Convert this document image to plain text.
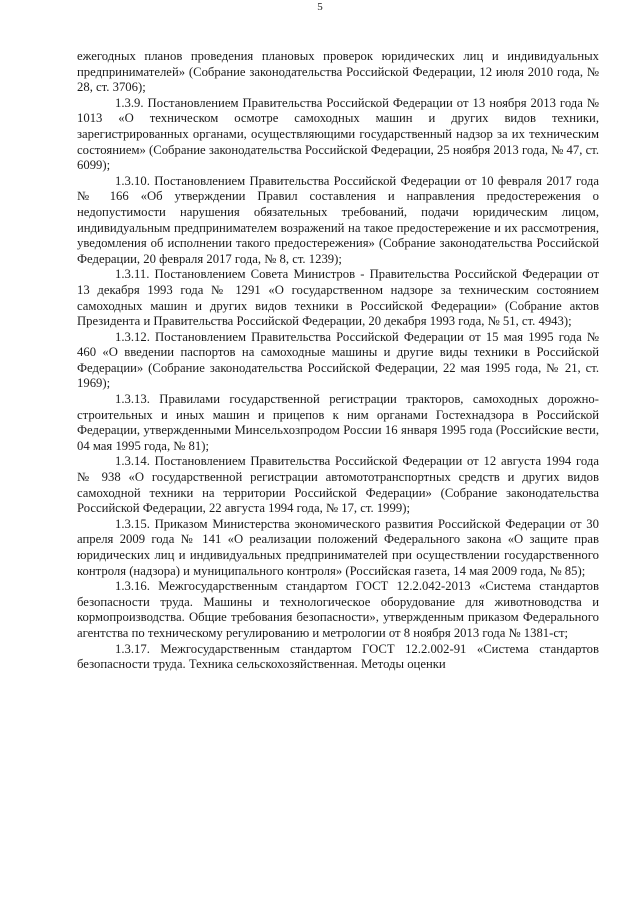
5

ежегодных планов проведения плановых проверок юридических лиц и индивидуальных предпринимателей» (Собрание законодательства Российской Федерации, 12 июля 2010 года, № 28, ст. 3706);

1.3.9. Постановлением Правительства Российской Федерации от 13 ноября 2013 года № 1013 «О техническом осмотре самоходных машин и других видов техники, зарегистрированных органами, осуществляющими государственный надзор за их техническим состоянием» (Собрание законодательства Российской Федерации, 25 ноября 2013 года, № 47, ст. 6099);

1.3.10. Постановлением Правительства Российской Федерации от 10 февраля 2017 года № 166 «Об утверждении Правил составления и направления предостережения о недопустимости нарушения обязательных требований, подачи юридическим лицом, индивидуальным предпринимателем возражений на такое предостережение и их рассмотрения, уведомления об исполнении такого предостережения» (Собрание законодательства Российской Федерации, 20 февраля 2017 года, № 8, ст. 1239);

1.3.11. Постановлением Совета Министров - Правительства Российской Федерации от 13 декабря 1993 года № 1291 «О государственном надзоре за техническим состоянием самоходных машин и других видов техники в Российской Федерации» (Собрание актов Президента и Правительства Российской Федерации, 20 декабря 1993 года, № 51, ст. 4943);

1.3.12. Постановлением Правительства Российской Федерации от 15 мая 1995 года № 460 «О введении паспортов на самоходные машины и другие виды техники в Российской Федерации» (Собрание законодательства Российской Федерации, 22 мая 1995 года, № 21, ст. 1969);

1.3.13. Правилами государственной регистрации тракторов, самоходных дорожно-строительных и иных машин и прицепов к ним органами Гостехнадзора в Российской Федерации, утвержденными Минсельхозпродом России 16 января 1995 года (Российские вести, 04 мая 1995 года, № 81);

1.3.14. Постановлением Правительства Российской Федерации от 12 августа 1994 года № 938 «О государственной регистрации автомототранспортных средств и других видов самоходной техники на территории Российской Федерации» (Собрание законодательства Российской Федерации, 22 августа 1994 года, № 17, ст. 1999);

1.3.15. Приказом Министерства экономического развития Российской Федерации от 30 апреля 2009 года № 141 «О реализации положений Федерального закона «О защите прав юридических лиц и индивидуальных предпринимателей при осуществлении государственного контроля (надзора) и муниципального контроля» (Российская газета, 14 мая 2009 года, № 85);

1.3.16. Межгосударственным стандартом ГОСТ 12.2.042-2013 «Система стандартов безопасности труда. Машины и технологическое оборудование для животноводства и кормопроизводства. Общие требования безопасности», утвержденным приказом Федерального агентства по техническому регулированию и метрологии от 8 ноября 2013 года № 1381-ст;

1.3.17. Межгосударственным стандартом ГОСТ 12.2.002-91 «Система стандартов безопасности труда. Техника сельскохозяйственная. Методы оценки
